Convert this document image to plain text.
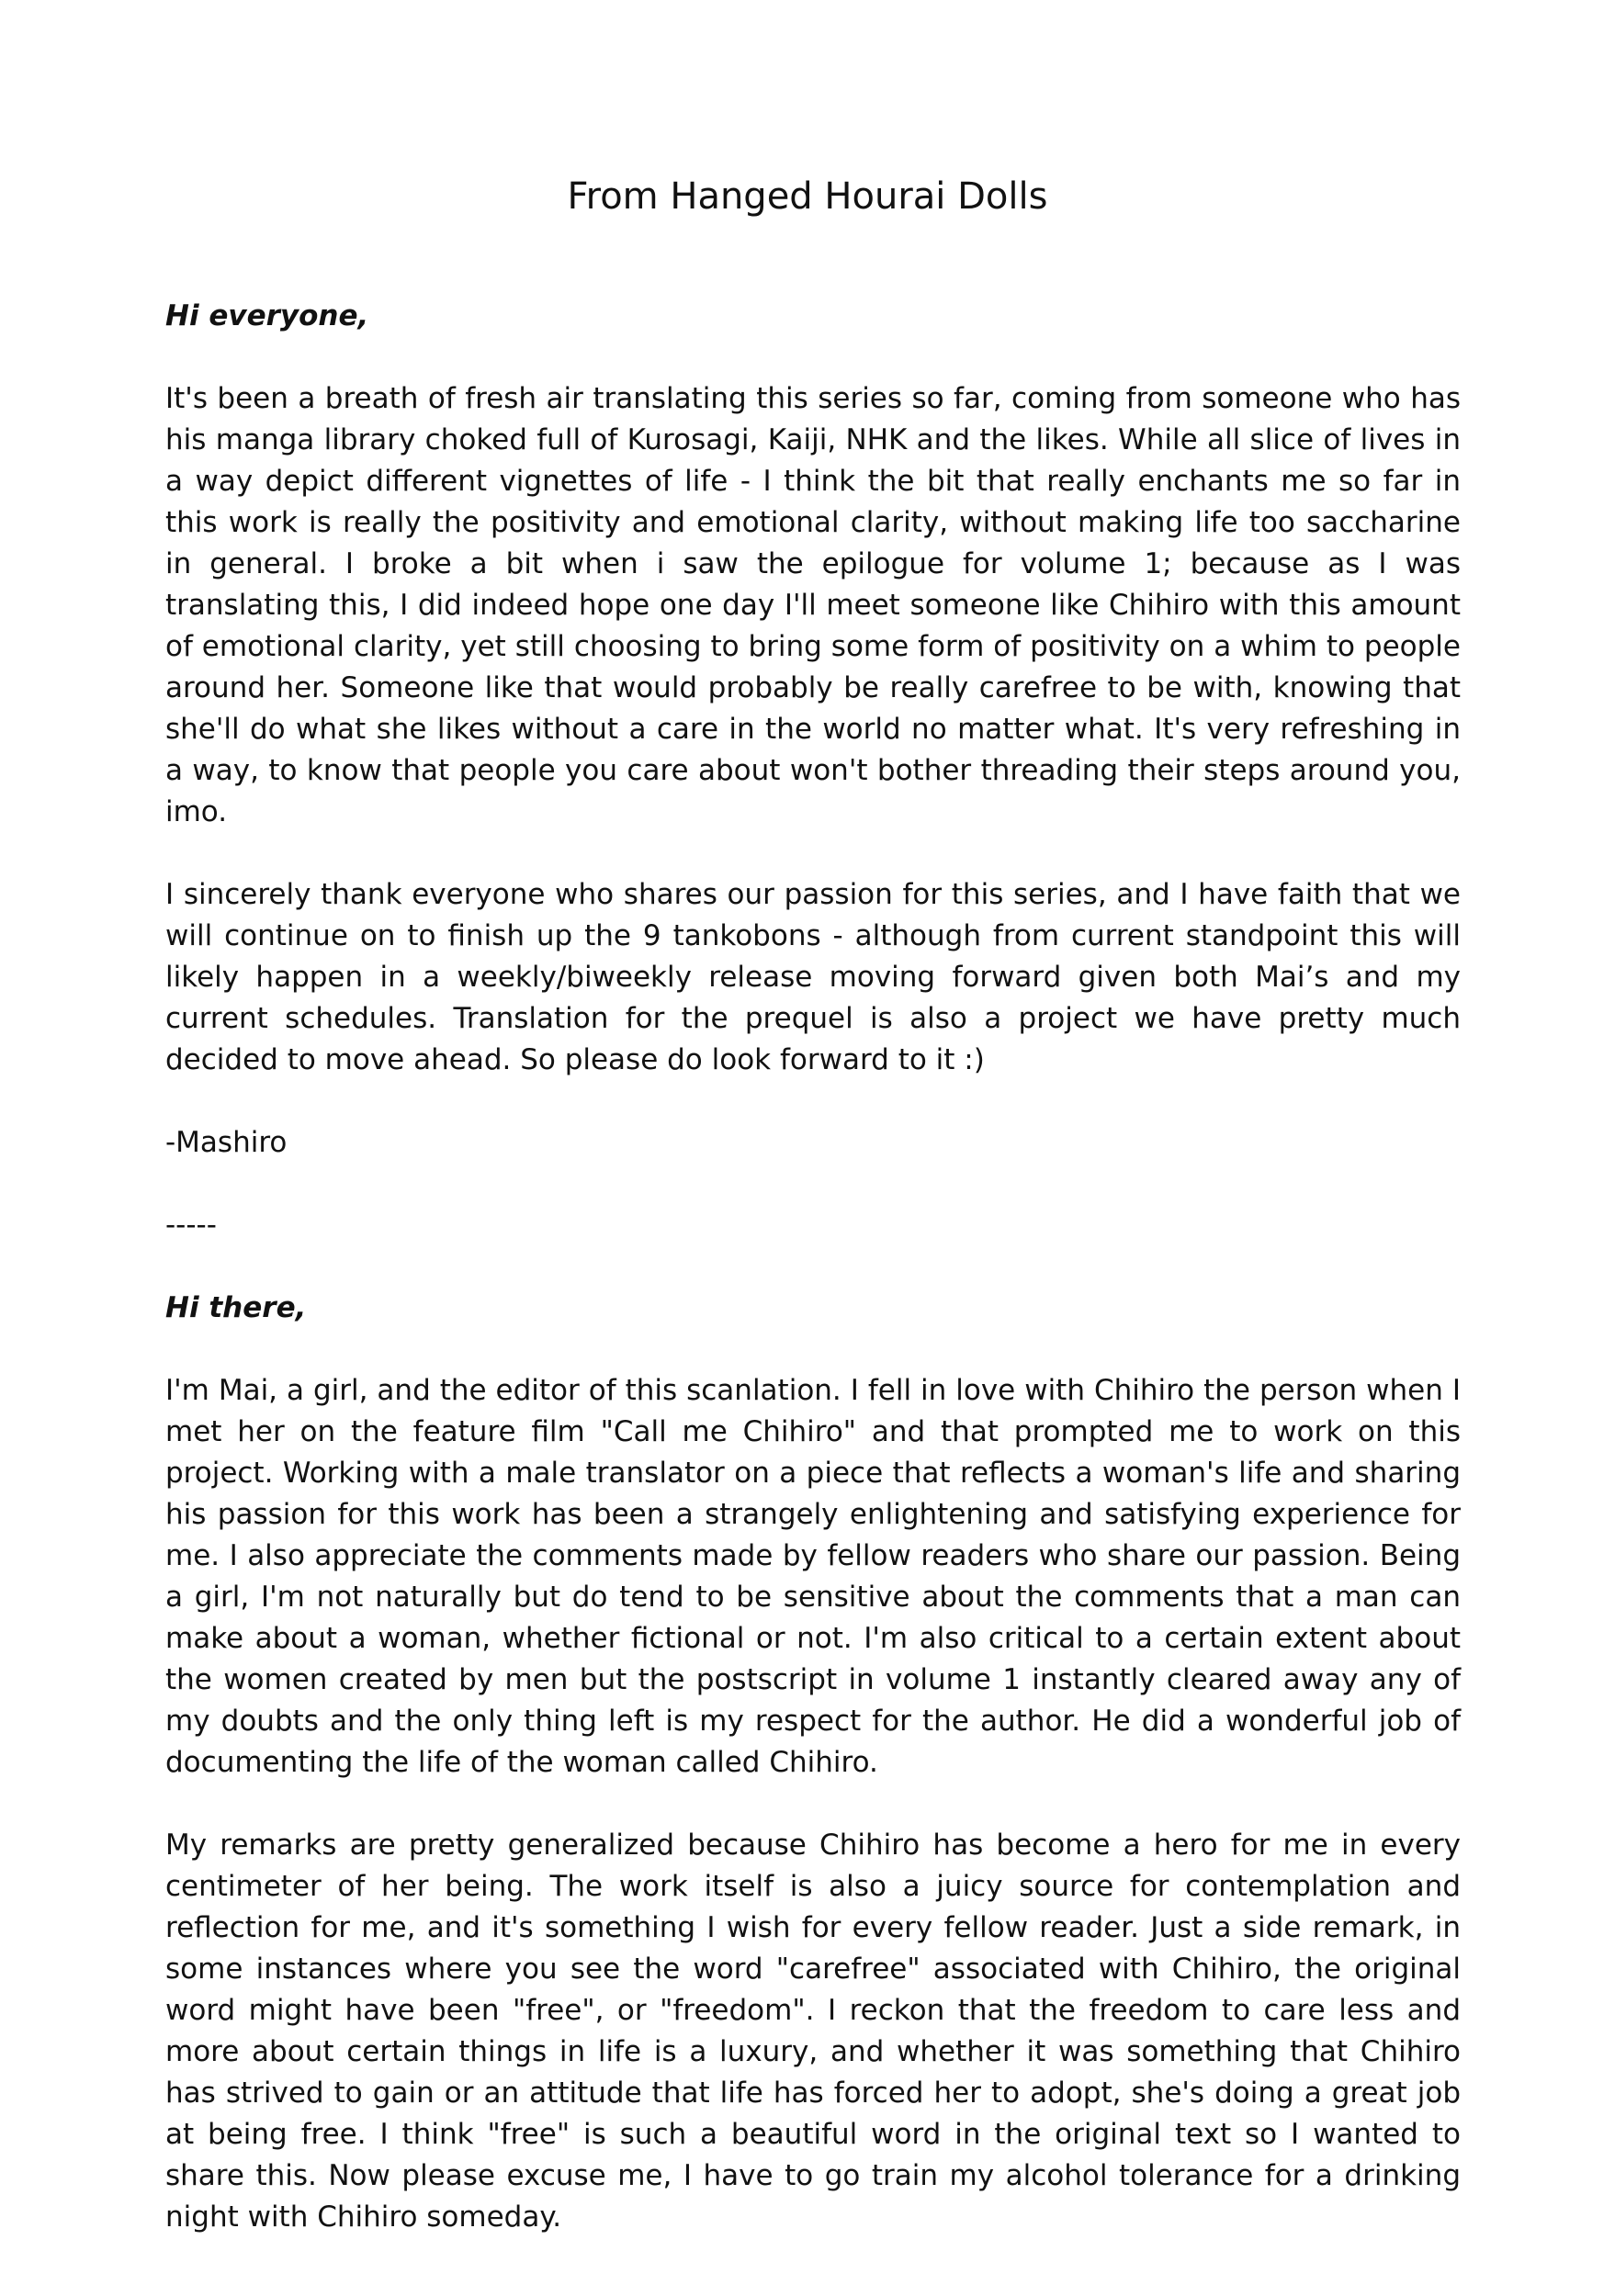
From Hanged Hourai Dolls

Hi everyone,

It's been a breath of fresh air translating this series so far, coming from someone who has his manga library choked full of Kurosagi, Kaiji, NHK and the likes. While all slice of lives in a way depict different vignettes of life - I think the bit that really enchants me so far in this work is really the positivity and emotional clarity, without making life too saccharine in general. I broke a bit when i saw the epilogue for volume 1; because as I was translating this, I did indeed hope one day I'll meet someone like Chihiro with this amount of emotional clarity, yet still choosing to bring some form of positivity on a whim to people around her. Someone like that would probably be really carefree to be with, knowing that she'll do what she likes without a care in the world no matter what. It's very refreshing in a way, to know that people you care about won't bother threading their steps around you, imo.

I sincerely thank everyone who shares our passion for this series, and I have faith that we will continue on to finish up the 9 tankobons - although from current standpoint this will likely happen in a weekly/biweekly release moving forward given both Mai’s and my current schedules. Translation for the prequel is also a project we have pretty much decided to move ahead. So please do look forward to it :)

-Mashiro

-----

Hi there,

I'm Mai, a girl, and the editor of this scanlation. I fell in love with Chihiro the person when I met her on the feature film "Call me Chihiro" and that prompted me to work on this project. Working with a male translator on a piece that reflects a woman's life and sharing his passion for this work has been a strangely enlightening and satisfying experience for me. I also appreciate the comments made by fellow readers who share our passion. Being a girl, I'm not naturally but do tend to be sensitive about the comments that a man can make about a woman, whether fictional or not. I'm also critical to a certain extent about the women created by men but the postscript in volume 1 instantly cleared away any of my doubts and the only thing left is my respect for the author. He did a wonderful job of documenting the life of the woman called Chihiro.

My remarks are pretty generalized because Chihiro has become a hero for me in every centimeter of her being. The work itself is also a juicy source for contemplation and reflection for me, and it's something I wish for every fellow reader. Just a side remark, in some instances where you see the word "carefree" associated with Chihiro, the original word might have been "free", or "freedom". I reckon that the freedom to care less and more about certain things in life is a luxury, and whether it was something that Chihiro has strived to gain or an attitude that life has forced her to adopt, she's doing a great job at being free. I think "free" is such a beautiful word in the original text so I wanted to share this. Now please excuse me, I have to go train my alcohol tolerance for a drinking night with Chihiro someday.
